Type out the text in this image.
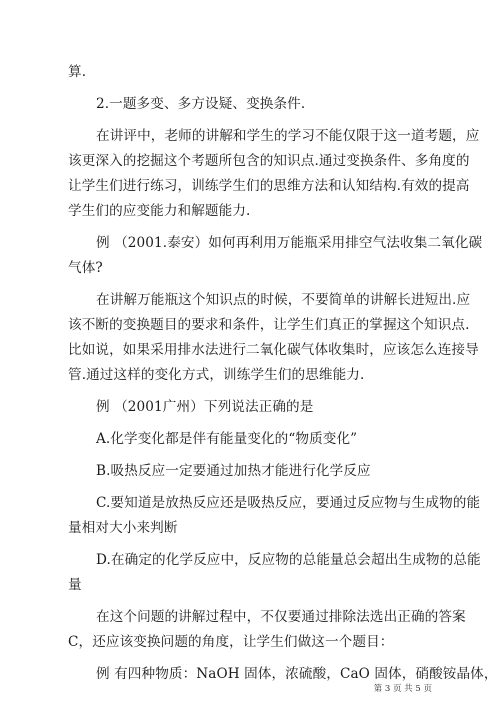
算.
2.一题多变、多方设疑、变换条件.
在讲评中，老师的讲解和学生的学习不能仅限于这一道考题，应
该更深入的挖掘这个考题所包含的知识点.通过变换条件、多角度的
让学生们进行练习，训练学生们的思维方法和认知结构.有效的提高
学生们的应变能力和解题能力.
例 （2001.泰安）如何再利用万能瓶采用排空气法收集二氧化碳
气体?
在讲解万能瓶这个知识点的时候，不要简单的讲解长进短出.应
该不断的变换题目的要求和条件，让学生们真正的掌握这个知识点.
比如说，如果采用排水法进行二氧化碳气体收集时，应该怎么连接导
管.通过这样的变化方式，训练学生们的思维能力.
例 （2001广州）下列说法正确的是
A.化学变化都是伴有能量变化的“物质变化”
B.吸热反应一定要通过加热才能进行化学反应
C.要知道是放热反应还是吸热反应，要通过反应物与生成物的能
量相对大小来判断
D.在确定的化学反应中，反应物的总能量总会超出生成物的总能
量
在这个问题的讲解过程中，不仅要通过排除法选出正确的答案
C，还应该变换问题的角度，让学生们做这一个题目：
例 有四种物质：NaOH 固体，浓硫酸，CaO 固体，硝酸铵晶体，
第 3 页 共 5 页
